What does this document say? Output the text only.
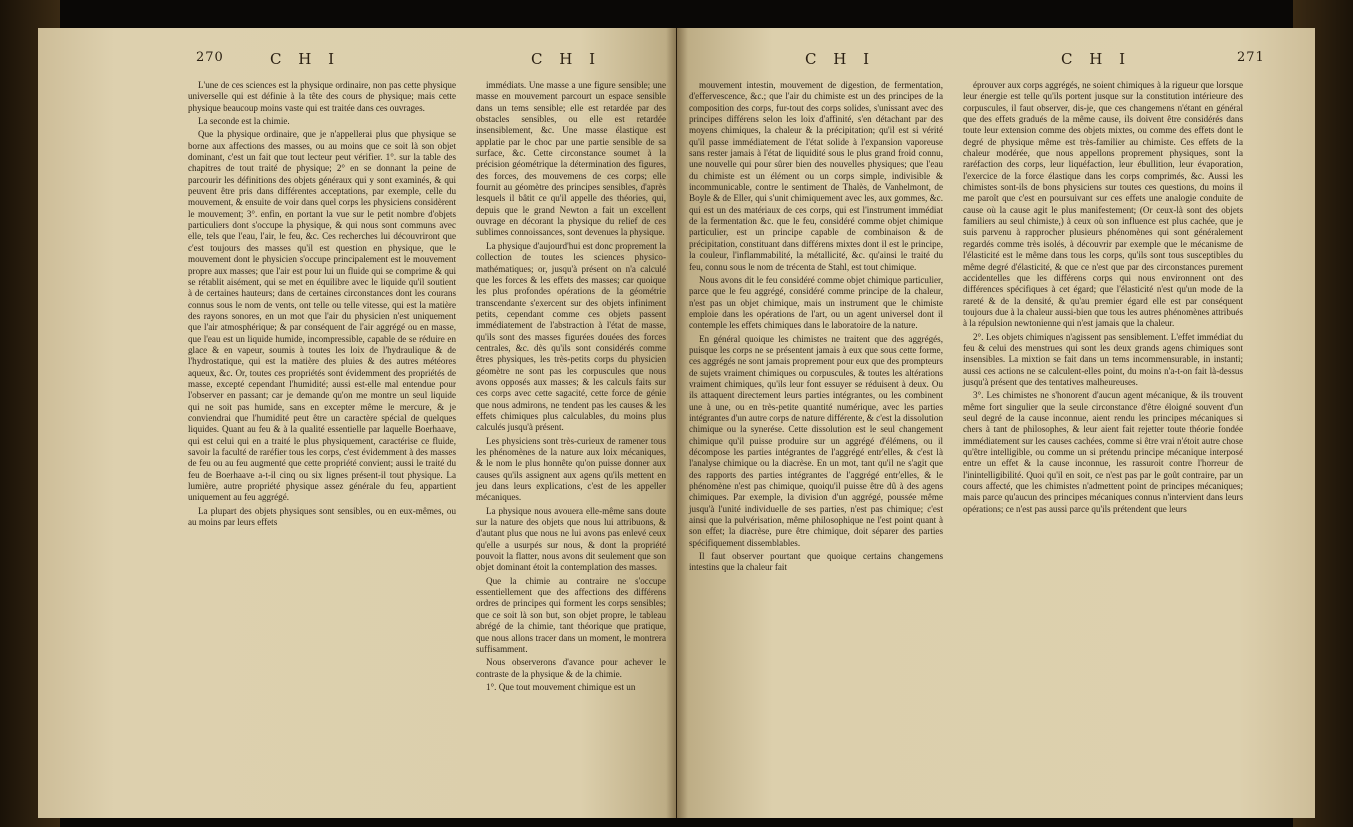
270	C H I	C H I

L'une de ces sciences est la physique ordinaire, non pas cette physique universelle qui est définie à la tête des cours de physique; mais cette physique beaucoup moins vaste qui est traitée dans ces ouvrages.

La seconde est la chimie.

Que la physique ordinaire, que je n'appellerai plus que physique se borne aux affections des masses, ou au moins que ce soit là son objet dominant, c'est un fait que tout lecteur peut vérifier. 1°. sur la table des chapitres de tout traité de physique; 2° en se donnant la peine de parcourir les définitions des objets généraux qui y sont examinés, & qui peuvent être pris dans différentes acceptations, par exemple, celle du mouvement, & ensuite de voir dans quel corps les physiciens considèrent le mouvement; 3°. enfin, en portant la vue sur le petit nombre d'objets particuliers dont s'occupe la physique, & qui nous sont communs avec elle, tels que l'eau, l'air, le feu, &c. Ces recherches lui découvriront que c'est toujours des masses qu'il est question en physique, que le mouvement dont le physicien s'occupe principalement est le mouvement propre aux masses; que l'air est pour lui un fluide qui se comprime & qui se rétablit aisément, qui se met en équilibre avec le liquide qu'il soutient à de certaines hauteurs; dans de certaines circonstances dont les courans connus sous le nom de vents, ont telle ou telle vitesse, qui est la matière des rayons sonores, en un mot que l'air du physicien n'est uniquement que l'air atmosphérique; & par conséquent de l'air aggrégé ou en masse, que l'eau est un liquide humide, incompressible, capable de se réduire en glace & en vapeur, soumis à toutes les loix de l'hydraulique & de l'hydrostatique, qui est la matière des pluies & des autres météores aqueux, &c. Or, toutes ces propriétés sont évidemment des propriétés de masse, excepté cependant l'humidité; aussi est-elle mal entendue pour l'observer en passant; car je demande qu'on me montre un seul liquide qui ne soit pas humide, sans en excepter même le mercure, & je conviendrai que l'humidité peut être un caractère spécial de quelques liquides. Quant au feu & à la qualité essentielle par laquelle Boerhaave, qui est celui qui en a traité le plus physiquement, caractérise ce fluide, savoir la faculté de raréfier tous les corps, c'est évidemment à des masses de feu ou au feu augmenté que cette propriété convient; aussi le traité du feu de Boerhaave a-t-il cinq ou six lignes présent-il tout physique. La lumière, autre propriété physique assez générale du feu, appartient uniquement au feu aggrégé.

La plupart des objets physiques sont sensibles, ou en eux-mêmes, ou au moins par leurs effets

immédiats. Une masse a une figure sensible; une masse en mouvement parcourt un espace sensible dans un tems sensible; elle est retardée par des obstacles sensibles, ou elle est retardée insensiblement, &c. Une masse élastique est applatie par le choc par une partie sensible de sa surface, &c. Cette circonstance soumet à la précision géométrique la détermination des figures, des forces, des mouvemens de ces corps; elle fournit au géomètre des principes sensibles, d'après lesquels il bâtit ce qu'il appelle des théories, qui, depuis que le grand Newton a fait un excellent ouvrage en décorant la physique du relief de ces sublimes connoissances, sont devenues la physique.

La physique d'aujourd'hui est donc proprement la collection de toutes les sciences physico-mathématiques; or, jusqu'à présent on n'a calculé que les forces & les effets des masses; car quoique les plus profondes opérations de la géométrie transcendante s'exercent sur des objets infiniment petits, cependant comme ces objets passent immédiatement de l'abstraction à l'état de masse, qu'ils sont des masses figurées douées des forces centrales, &c. dès qu'ils sont considérés comme êtres physiques, les très-petits corps du physicien géomètre ne sont pas les corpuscules que nous avons opposés aux masses; & les calculs faits sur ces corps avec cette sagacité, cette force de génie que nous admirons, ne tendent pas les causes & les effets chimiques plus calculables, du moins plus calculés jusqu'à présent.

Les physiciens sont très-curieux de ramener tous les phénomènes de la nature aux loix mécaniques, & le nom le plus honnête qu'on puisse donner aux causes qu'ils assignent aux agens qu'ils mettent en jeu dans leurs explications, c'est de les appeller mécaniques.

La physique nous avouera elle-même sans doute sur la nature des objets que nous lui attribuons, & d'autant plus que nous ne lui avons pas enlevé ceux qu'elle a usurpés sur nous, & dont la propriété pouvoit la flatter, nous avons dit seulement que son objet dominant étoit la contemplation des masses.

Que la chimie au contraire ne s'occupe essentiellement que des affections des différens ordres de principes qui forment les corps sensibles; que ce soit là son but, son objet propre, le tableau abrégé de la chimie, tant théorique que pratique, que nous allons tracer dans un moment, le montrera suffisamment.

Nous observerons d'avance pour achever le contraste de la physique & de la chimie.

1°. Que tout mouvement chimique est un

C H I	C H I	271

mouvement intestin, mouvement de digestion, de fermentation, d'effervescence, &c.; que l'air du chimiste est un des principes de la composition des corps, fur-tout des corps solides, s'unissant avec des principes différens selon les loix d'affinité, s'en détachant par des moyens chimiques, la chaleur & la précipitation; qu'il est si vérité qu'il passe immédiatement de l'état solide à l'expansion vaporeuse sans rester jamais à l'état de liquidité sous le plus grand froid connu, une nouvelle qui pour sûrer bien des nouvelles physiques; que l'eau du chimiste est un élément ou un corps simple, indivisible & incommunicable, contre le sentiment de Thalès, de Vanhelmont, de Boyle & de Eller, qui s'unit chimiquement avec les, aux gommes, &c. qui est un des matériaux de ces corps, qui est l'instrument immédiat de la fermentation &c. que le feu, considéré comme objet chimique particulier, est un principe capable de combinaison & de précipitation, constituant dans différens mixtes dont il est le principe, la couleur, l'inflammabilité, la métallicité, &c. qu'ainsi le traité du feu, connu sous le nom de trécenta de Stahl, est tout chimique.

Nous avons dit le feu considéré comme objet chimique particulier, parce que le feu aggrégé, considéré comme principe de la chaleur, n'est pas un objet chimique, mais un instrument que le chimiste emploie dans les opérations de l'art, ou un agent universel dont il contemple les effets chimiques dans le laboratoire de la nature.

En général quoique les chimistes ne traitent que des aggrégés, puisque les corps ne se présentent jamais à eux que sous cette forme, ces aggrégés ne sont jamais proprement pour eux que des prompteurs de sujets vraiment chimiques ou corpuscules, & toutes les altérations vraiment chimiques, qu'ils leur font essuyer se réduisent à deux. Ou ils attaquent directement leurs parties intégrantes, ou les combinent une à une, ou en très-petite quantité numérique, avec les parties intégrantes d'un autre corps de nature différente, & c'est la dissolution chimique ou la synerése. Cette dissolution est le seul changement chimique qu'il puisse produire sur un aggrégé d'élémens, ou il décompose les parties intégrantes de l'aggrégé entr'elles, & c'est là l'analyse chimique ou la diacrèse. En un mot, tant qu'il ne s'agit que des rapports des parties intégrantes de l'aggrégé entr'elles, & le phénomène n'est pas chimique, quoiqu'il puisse être dû à des agens chimiques. Par exemple, la division d'un aggrégé, poussée même jusqu'à l'unité individuelle de ses parties, n'est pas chimique; c'est ainsi que la pulvérisation, même philosophique ne l'est point quant à son effet; la diacrèse, pure être chimique, doit séparer des parties spécifiquement dissemblables.

Il faut observer pourtant que quoique certains changemens intestins que la chaleur fait

éprouver aux corps aggrégés, ne soient chimiques à la rigueur que lorsque leur énergie est telle qu'ils portent jusque sur la constitution intérieure des corpuscules, il faut observer, dis-je, que ces changemens n'étant en général que des effets gradués de la même cause, ils doivent être considérés dans toute leur extension comme des objets mixtes, ou comme des effets dont le degré de physique même est très-familier au chimiste. Ces effets de la chaleur modérée, que nous appellons proprement physiques, sont la raréfaction des corps, leur liquéfaction, leur ébullition, leur évaporation, l'exercice de la force élastique dans les corps comprimés, &c. Aussi les chimistes sont-ils de bons physiciens sur toutes ces questions, du moins il me paroît que c'est en poursuivant sur ces effets une analogie conduite de cause où la cause agit le plus manifestement; (Or ceux-là sont des objets familiers au seul chimiste,) à ceux où son influence est plus cachée, que je suis parvenu à rapprocher plusieurs phénomènes qui sont généralement regardés comme très isolés, à découvrir par exemple que le mécanisme de l'élasticité est le même dans tous les corps, qu'ils sont tous susceptibles du même degré d'élasticité, & que ce n'est que par des circonstances purement accidentelles que les différens corps qui nous environnent ont des différences spécifiques à cet égard; que l'élasticité n'est qu'un mode de la rareté & de la densité, & qu'au premier égard elle est par conséquent toujours due à la chaleur aussi-bien que tous les autres phénomènes attribués à la répulsion newtonienne qui n'est jamais que la chaleur.

2°. Les objets chimiques n'agissent pas sensiblement. L'effet immédiat du feu & celui des menstrues qui sont les deux grands agens chimiques sont insensibles. La mixtion se fait dans un tems incommensurable, in instanti; aussi ces actions ne se calculent-elles point, du moins n'a-t-on fait là-dessus jusqu'à présent que des tentatives malheureuses.

3°. Les chimistes ne s'honorent d'aucun agent mécanique, & ils trouvent même fort singulier que la seule circonstance d'être éloigné souvent d'un seul degré de la cause inconnue, aient rendu les principes mécaniques si chers à tant de philosophes, & leur aient fait rejetter toute théorie fondée immédiatement sur les causes cachées, comme si être vrai n'étoit autre chose qu'être intelligible, ou comme un si prétendu principe mécanique interposé entre un effet & la cause inconnue, les rassuroit contre l'horreur de l'inintelligibilité. Quoi qu'il en soit, ce n'est pas par le goût contraire, par un cours affecté, que les chimistes n'admettent point de principes mécaniques; mais parce qu'aucun des principes mécaniques connus n'intervient dans leurs opérations; ce n'est pas aussi parce qu'ils prétendent que leurs
